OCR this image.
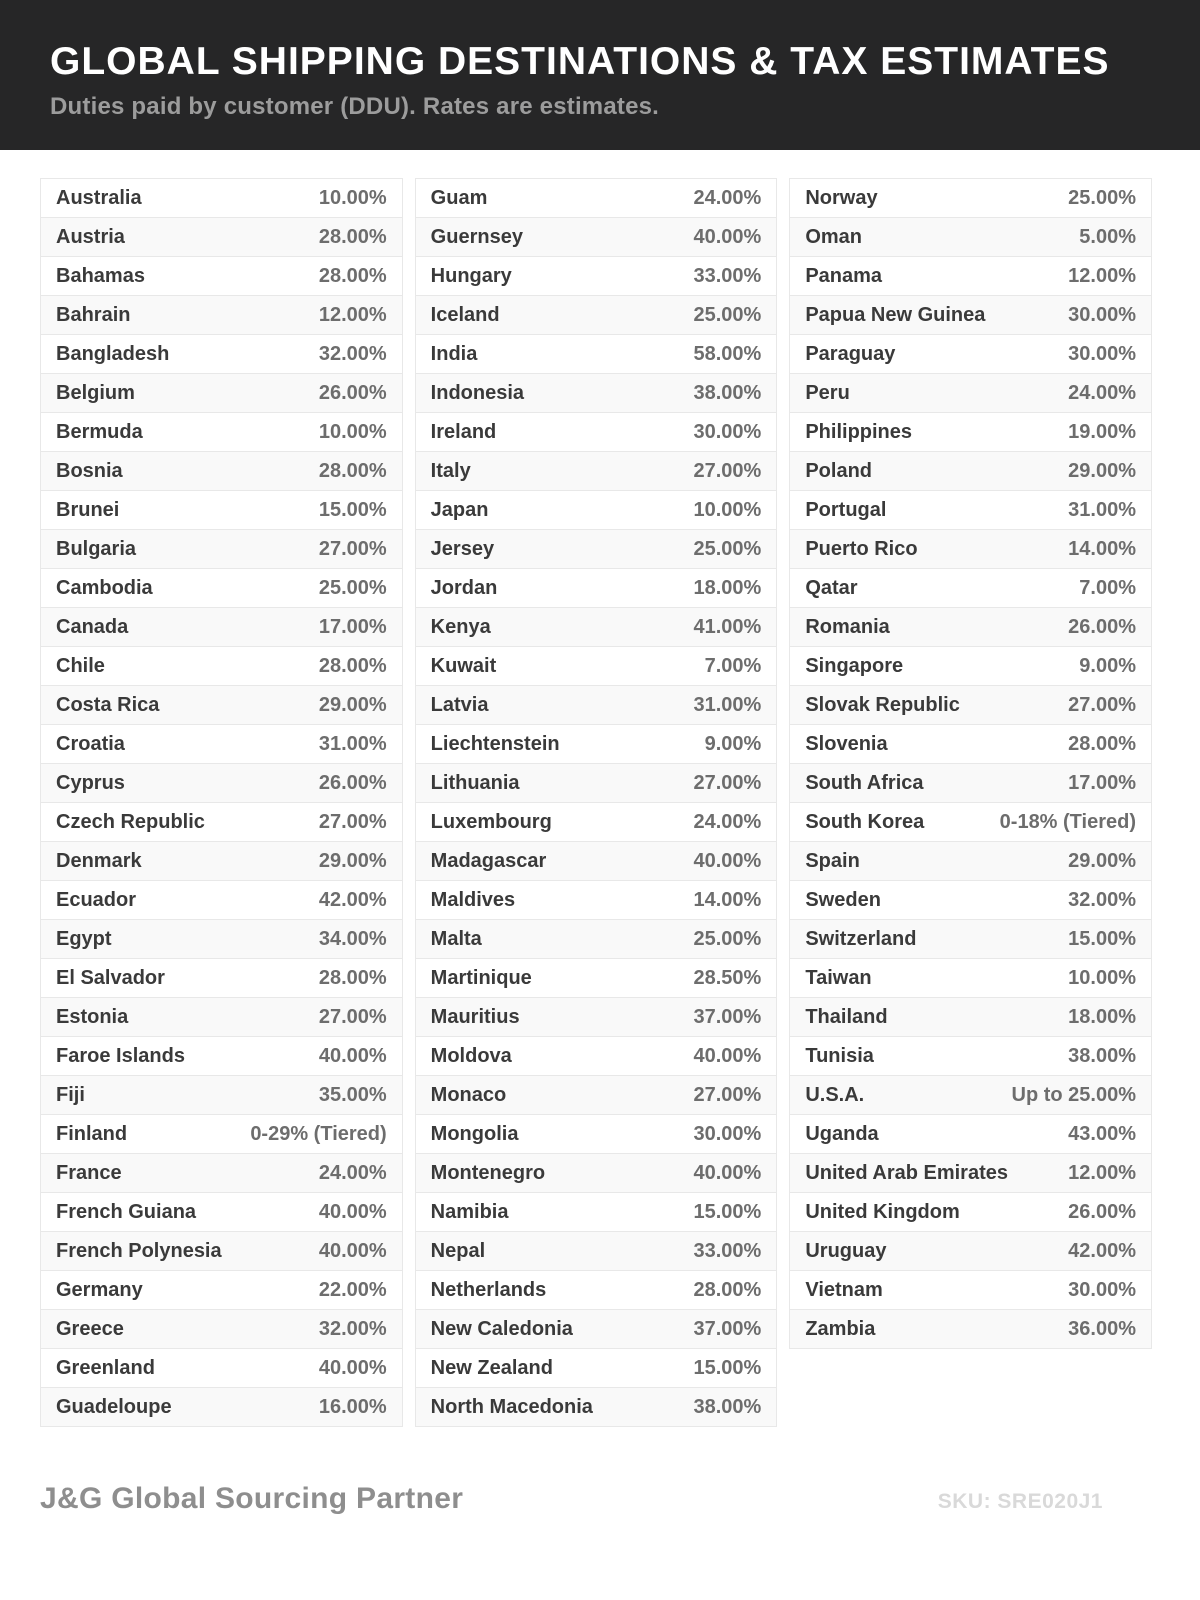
GLOBAL SHIPPING DESTINATIONS & TAX ESTIMATES

Duties paid by customer (DDU). Rates are estimates.

Australia	10.00%
Austria	28.00%
Bahamas	28.00%
Bahrain	12.00%
Bangladesh	32.00%
Belgium	26.00%
Bermuda	10.00%
Bosnia	28.00%
Brunei	15.00%
Bulgaria	27.00%
Cambodia	25.00%
Canada	17.00%
Chile	28.00%
Costa Rica	29.00%
Croatia	31.00%
Cyprus	26.00%
Czech Republic	27.00%
Denmark	29.00%
Ecuador	42.00%
Egypt	34.00%
El Salvador	28.00%
Estonia	27.00%
Faroe Islands	40.00%
Fiji	35.00%
Finland	0-29% (Tiered)
France	24.00%
French Guiana	40.00%
French Polynesia	40.00%
Germany	22.00%
Greece	32.00%
Greenland	40.00%
Guadeloupe	16.00%
Guam	24.00%
Guernsey	40.00%
Hungary	33.00%
Iceland	25.00%
India	58.00%
Indonesia	38.00%
Ireland	30.00%
Italy	27.00%
Japan	10.00%
Jersey	25.00%
Jordan	18.00%
Kenya	41.00%
Kuwait	7.00%
Latvia	31.00%
Liechtenstein	9.00%
Lithuania	27.00%
Luxembourg	24.00%
Madagascar	40.00%
Maldives	14.00%
Malta	25.00%
Martinique	28.50%
Mauritius	37.00%
Moldova	40.00%
Monaco	27.00%
Mongolia	30.00%
Montenegro	40.00%
Namibia	15.00%
Nepal	33.00%
Netherlands	28.00%
New Caledonia	37.00%
New Zealand	15.00%
North Macedonia	38.00%
Norway	25.00%
Oman	5.00%
Panama	12.00%
Papua New Guinea	30.00%
Paraguay	30.00%
Peru	24.00%
Philippines	19.00%
Poland	29.00%
Portugal	31.00%
Puerto Rico	14.00%
Qatar	7.00%
Romania	26.00%
Singapore	9.00%
Slovak Republic	27.00%
Slovenia	28.00%
South Africa	17.00%
South Korea	0-18% (Tiered)
Spain	29.00%
Sweden	32.00%
Switzerland	15.00%
Taiwan	10.00%
Thailand	18.00%
Tunisia	38.00%
U.S.A.	Up to 25.00%
Uganda	43.00%
United Arab Emirates	12.00%
United Kingdom	26.00%
Uruguay	42.00%
Vietnam	30.00%
Zambia	36.00%
J&G Global Sourcing Partner	SKU: SRE020J1
